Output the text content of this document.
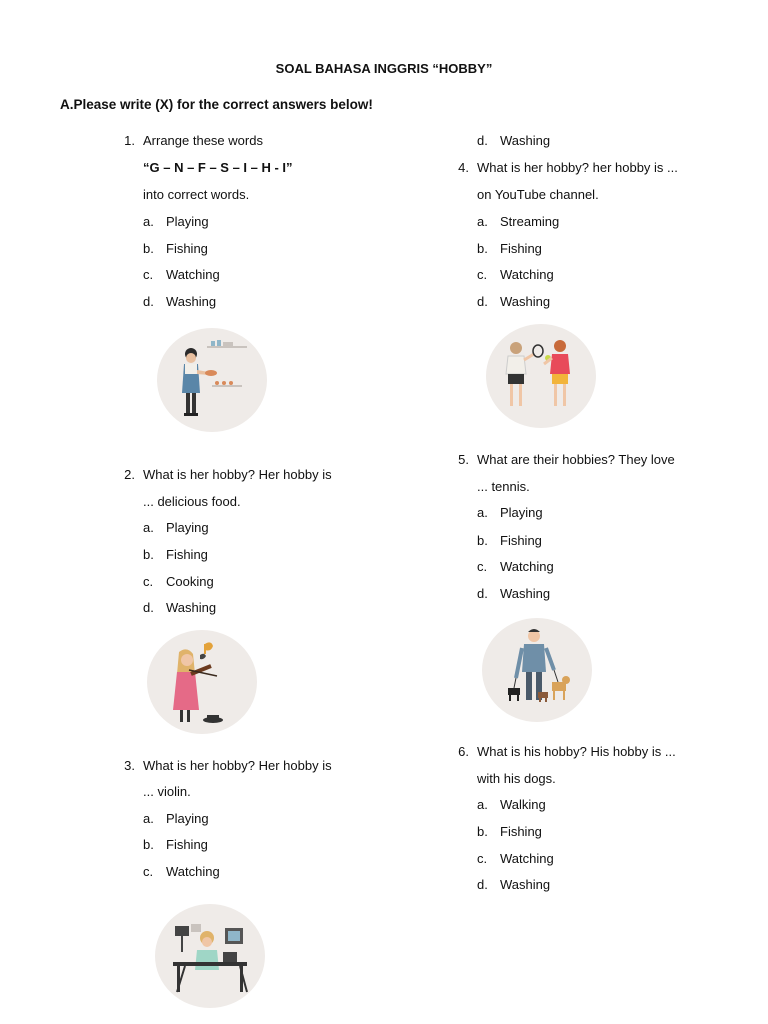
SOAL BAHASA INGGRIS “HOBBY”
A.Please write (X) for the correct answers below!
1. Arrange these words
“G – N – F – S – I – H - I”
into correct words.
a. Playing
b. Fishing
c. Watching
d. Washing
2. What is her hobby? Her hobby is
... delicious food.
a. Playing
b. Fishing
c. Cooking
d. Washing
3. What is her hobby? Her hobby is
... violin.
a. Playing
b. Fishing
c. Watching
d. Washing
4. What is her hobby? her hobby is ...
on YouTube channel.
a. Streaming
b. Fishing
c. Watching
d. Washing
5. What are their hobbies? They love
... tennis.
a. Playing
b. Fishing
c. Watching
d. Washing
6. What is his hobby? His hobby is ...
with his dogs.
a. Walking
b. Fishing
c. Watching
d. Washing
